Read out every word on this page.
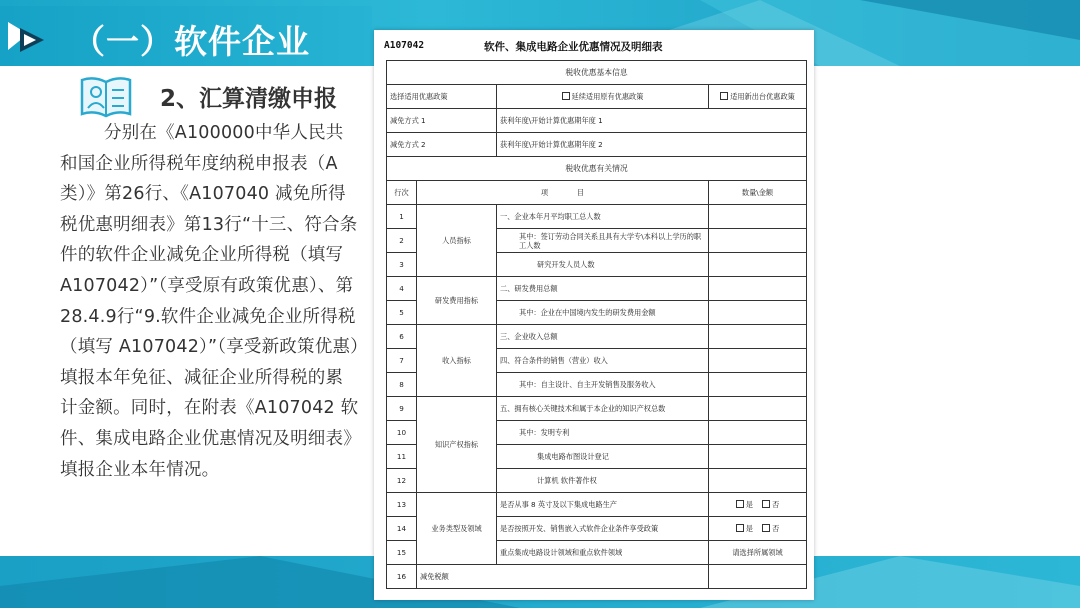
（一）软件企业
2、汇算清缴申报

分别在《A100000中华人民共和国企业所得税年度纳税申报表（A类）》第26行、《A107040 减免所得税优惠明细表》第13行“十三、符合条件的软件企业减免企业所得税（填写A107042）”（享受原有政策优惠）、第28.4.9行“9.软件企业减免企业所得税（填写 A107042）”（享受新政策优惠）填报本年免征、减征企业所得税的累计金额。同时，在附表《A107042 软件、集成电路企业优惠情况及明细表》填报企业本年情况。

A107042	软件、集成电路企业优惠情况及明细表
税收优惠基本信息			
选择适用优惠政策		延续适用原有优惠政策	适用新出台优惠政策
减免方式 1		获利年度\开始计算优惠期年度 1	
减免方式 2		获利年度\开始计算优惠期年度 2	
税收优惠有关情况			
行次	项　　　　目		数量\金额
1	人员指标	一、企业本年月平均职工总人数	
2		其中：签订劳动合同关系且具有大学专\本科以上学历的职工人数	
3		研究开发人员人数	
4	研发费用指标	二、研发费用总额	
5		其中：企业在中国境内发生的研发费用金额	
6	收入指标	三、企业收入总额	
7		四、符合条件的销售（营业）收入	
8		其中：自主设计、自主开发销售及服务收入	
9	知识产权指标	五、拥有核心关键技术和属于本企业的知识产权总数	
10		其中：发明专利	
11		集成电路布图设计登记	
12		计算机 软件著作权	
13	业务类型及领域	是否从事 8 英寸及以下集成电路生产	是 否
14		是否按照开发、销售嵌入式软件企业条件享受政策	是 否
15		重点集成电路设计领域和重点软件领域	请选择所属领域
16	减免税额		
